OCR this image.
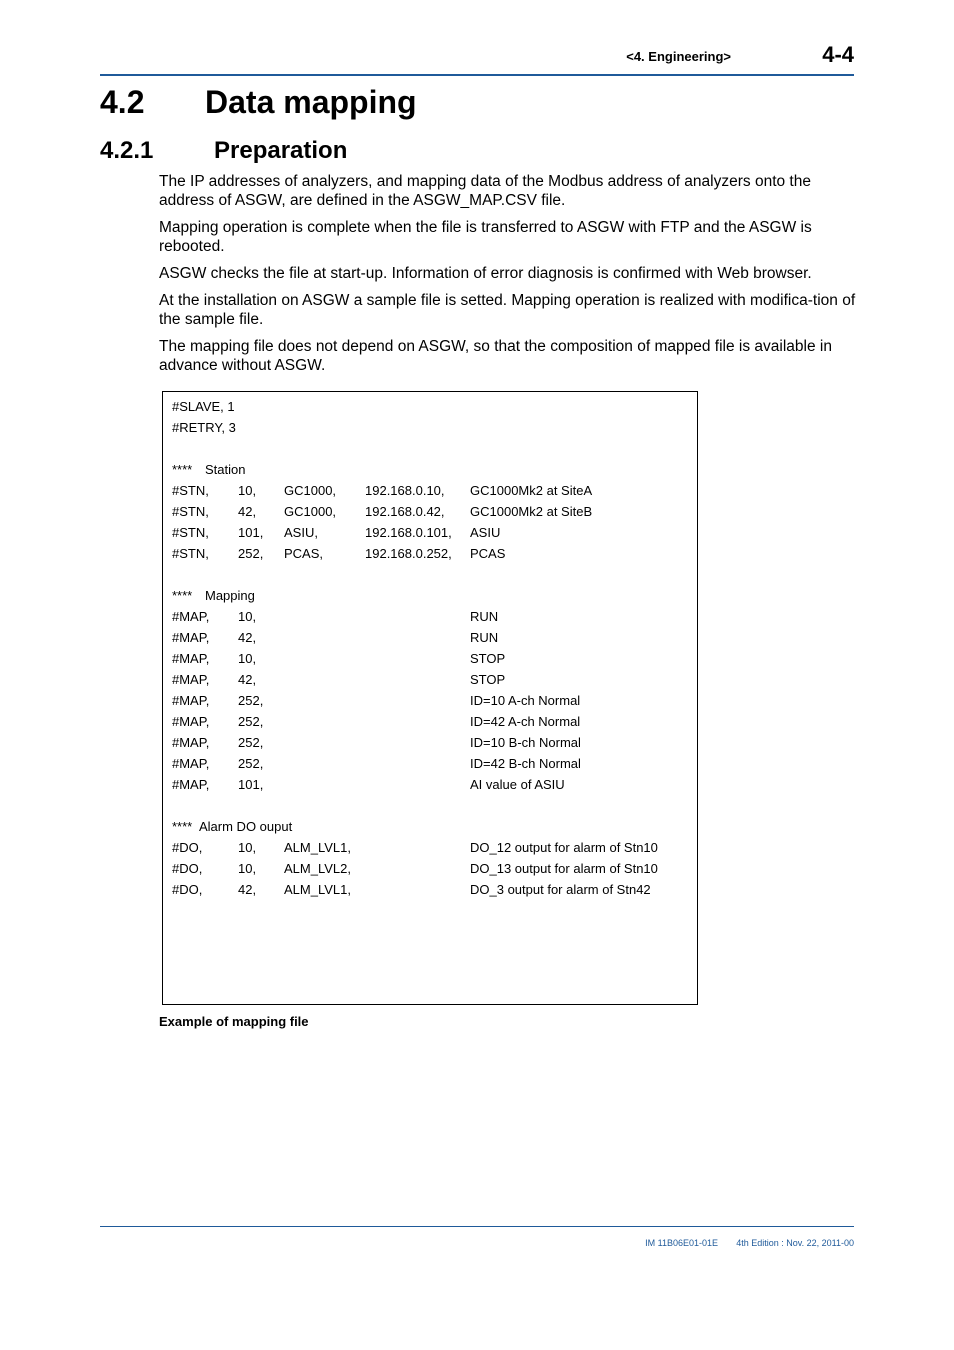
<4. Engineering>	4-4
4.2 Data mapping
4.2.1	Preparation

The IP addresses of analyzers, and mapping data of the Modbus address of analyzers onto the address of ASGW, are defined in the ASGW_MAP.CSV file.

Mapping operation is complete when the file is transferred to ASGW with FTP and the ASGW is rebooted.

ASGW checks the file at start-up. Information of error diagnosis is confirmed with Web browser.

At the installation on ASGW a sample file is setted. Mapping operation is realized with modifica-tion of the sample file.

The mapping file does not depend on ASGW, so that the composition of mapped file is available in advance without ASGW.

#SLAVE, 1
#RETRY, 3
**** Station
#STN, 10, GC1000, 192.168.0.10, GC1000Mk2 at SiteA
#STN, 42, GC1000, 192.168.0.42, GC1000Mk2 at SiteB
#STN, 101, ASIU,	192.168.0.101, ASIU
#STN, 252, PCAS,	192.168.0.252, PCAS
**** Mapping
#MAP, 10,	RUN
#MAP, 42,	RUN
#MAP, 10,	STOP
#MAP, 42,	STOP
#MAP, 252,	ID=10 A-ch Normal
#MAP, 252,	ID=42 A-ch Normal
#MAP, 252,	ID=10 B-ch Normal
#MAP, 252,	ID=42 B-ch Normal
#MAP, 101,	AI value of ASIU
**** Alarm DO ouput
#DO,	10, ALM_LVL1,	DO_12 output for alarm of Stn10
#DO,	10, ALM_LVL2,	DO_13 output for alarm of Stn10
#DO,	42, ALM_LVL1,	DO_3 output for alarm of Stn42
Example of mapping file
IM 11B06E01-01E 4th Edition : Nov. 22, 2011-00
